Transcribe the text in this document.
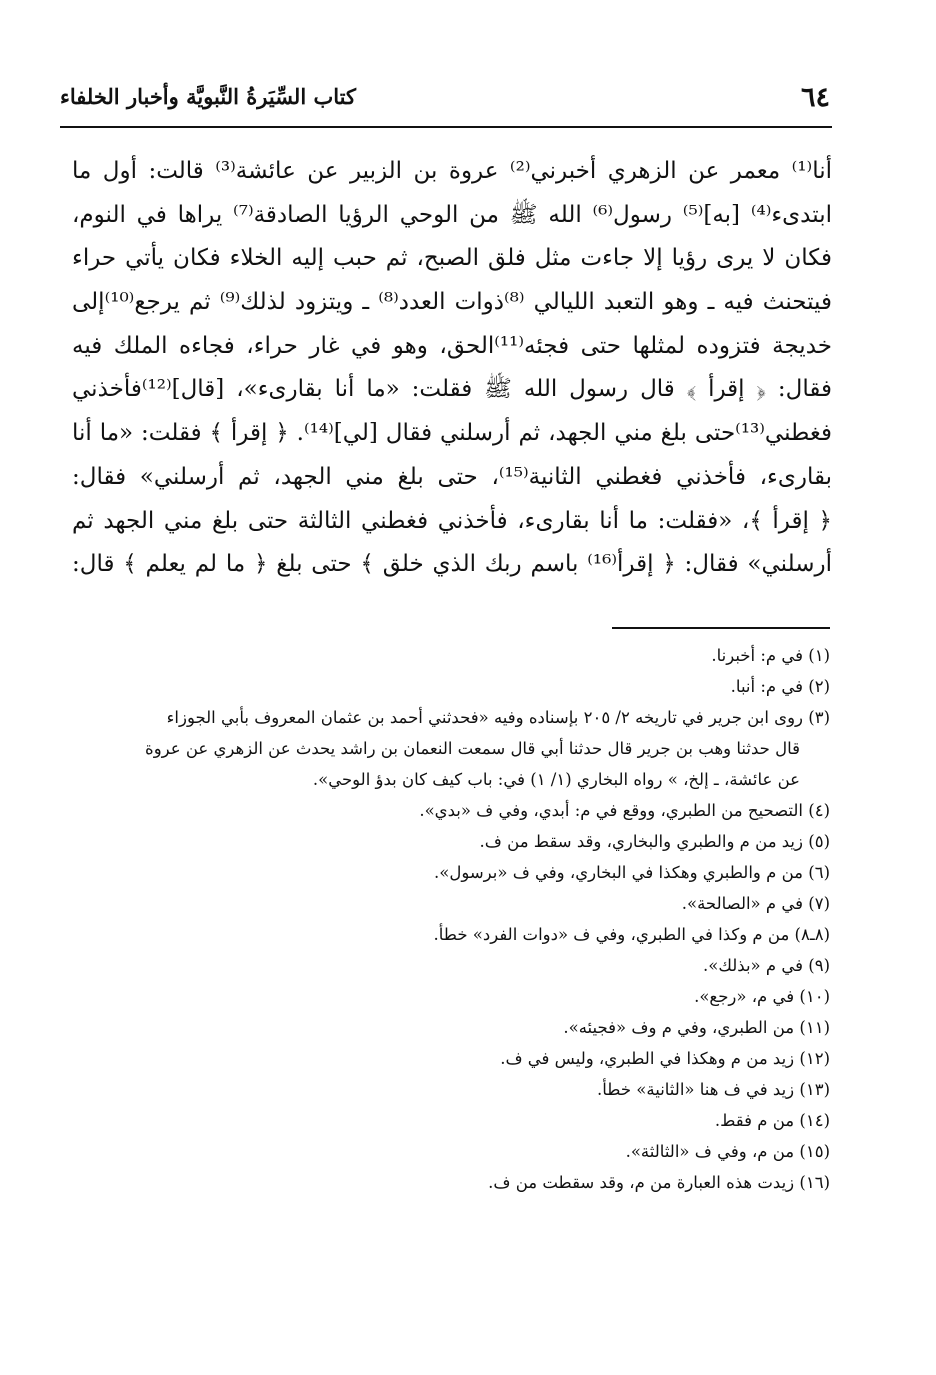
٦٤
كتاب السِّيَرةُ النَّبويَّة وأخبار الخلفاء
أنا⁽¹⁾ معمر عن الزهري أخبرني⁽²⁾ عروة بن الزبير عن عائشة⁽³⁾ قالت: أول ما
ابتدىء⁽⁴⁾ [به]⁽⁵⁾ رسول⁽⁶⁾ الله ﷺ من الوحي الرؤيا الصادقة⁽⁷⁾ يراها في النوم،
فكان لا يرى رؤيا إلا جاءت مثل فلق الصبح، ثم حبب إليه الخلاء فكان يأتي حراء
فيتحنث فيه ـ وهو التعبد الليالي ⁽⁸⁾ذوات العدد⁽⁸⁾ ـ ويتزود لذلك⁽⁹⁾ ثم يرجع⁽¹⁰⁾إلى
خديجة فتزوده لمثلها حتى فجئه⁽¹¹⁾الحق، وهو في غار حراء، فجاءه الملك فيه
فقال: ﴿ إقرأ ﴾ قال رسول الله ﷺ فقلت: «ما أنا بقارىء»، [قال]⁽¹²⁾فأخذني
فغطني⁽¹³⁾حتى بلغ مني الجهد، ثم أرسلني فقال [لي]⁽¹⁴⁾. ﴿ إقرأ ﴾ فقلت: «ما أنا
بقارىء، فأخذني فغطني الثانية⁽¹⁵⁾، حتى بلغ مني الجهد، ثم أرسلني» فقال:
﴿ إقرأ ﴾، «فقلت: ما أنا بقارىء، فأخذني فغطني الثالثة حتى بلغ مني الجهد ثم
أرسلني» فقال: ﴿ إقرأ⁽¹⁶⁾ باسم ربك الذي خلق ﴾ حتى بلغ ﴿ ما لم يعلم ﴾ قال:
(١) في م: أخبرنا.
(٢) في م: أنبا.
(٣) روى ابن جرير في تاريخه ٢/ ٢٠٥ بإسناده وفيه «فحدثني أحمد بن عثمان المعروف بأبي الجوزاء
قال حدثنا وهب بن جرير قال حدثنا أبي قال سمعت النعمان بن راشد يحدث عن الزهري عن عروة
عن عائشة، ـ إلخ، » رواه البخاري (١/ ١) في: باب كيف كان بدؤ الوحي».
(٤) التصحيح من الطبري، ووقع في م: أبدي، وفي ف «بدي».
(٥) زيد من م والطبري والبخاري، وقد سقط من ف.
(٦) من م والطبري وهكذا في البخاري، وفي ف «برسول».
(٧) في م «الصالحة».
(٨ـ٨) من م وكذا في الطبري، وفي ف «دوات الفرد» خطأ.
(٩) في م «بذلك».
(١٠) في م، «رجع».
(١١) من الطبري، وفي م وف «فجيئه».
(١٢) زيد من م وهكذا في الطبري، وليس في ف.
(١٣) زيد في ف هنا «الثانية» خطأ.
(١٤) من م فقط.
(١٥) من م، وفي ف «الثالثة».
(١٦) زيدت هذه العبارة من م، وقد سقطت من ف.
